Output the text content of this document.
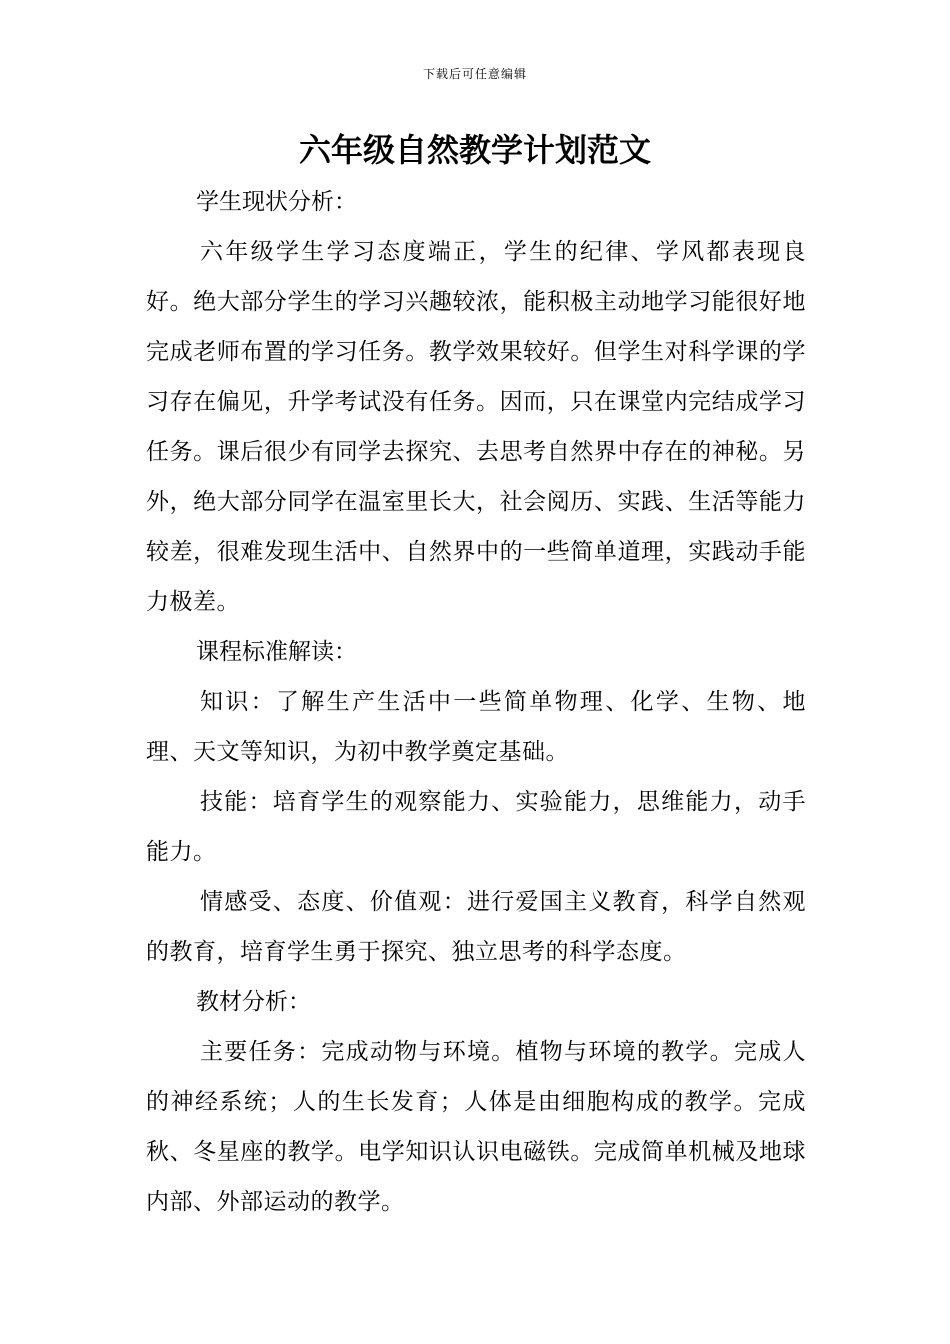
下载后可任意编辑
六年级自然教学计划范文
学生现状分析：

六年级学生学习态度端正，学生的纪律、学风都表现良好。绝大部分学生的学习兴趣较浓，能积极主动地学习能很好地完成老师布置的学习任务。教学效果较好。但学生对科学课的学习存在偏见，升学考试没有任务。因而，只在课堂内完结成学习任务。课后很少有同学去探究、去思考自然界中存在的神秘。另外，绝大部分同学在温室里长大，社会阅历、实践、生活等能力较差，很难发现生活中、自然界中的一些简单道理，实践动手能力极差。

课程标准解读：

知识：了解生产生活中一些简单物理、化学、生物、地理、天文等知识，为初中教学奠定基础。

技能：培育学生的观察能力、实验能力，思维能力，动手能力。

情感受、态度、价值观：进行爱国主义教育，科学自然观的教育，培育学生勇于探究、独立思考的科学态度。

教材分析：

主要任务：完成动物与环境。植物与环境的教学。完成人的神经系统；人的生长发育；人体是由细胞构成的教学。完成秋、冬星座的教学。电学知识认识电磁铁。完成简单机械及地球内部、外部运动的教学。
